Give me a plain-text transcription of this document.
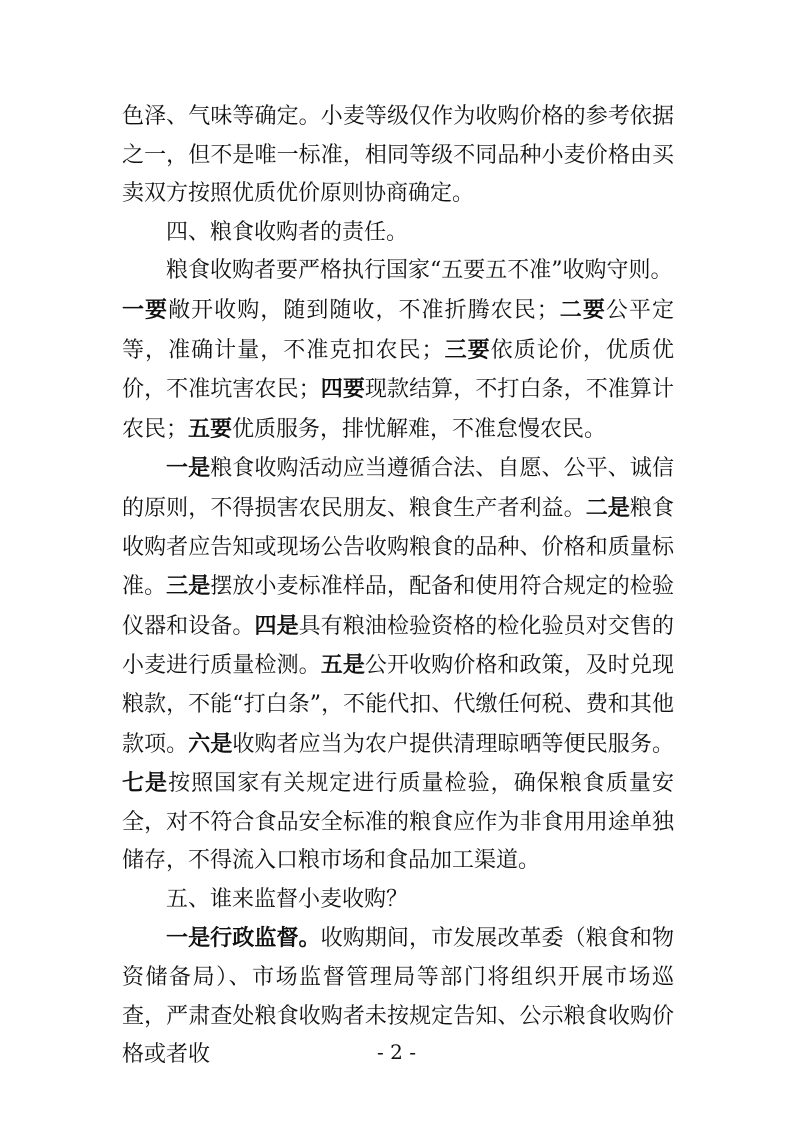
色泽、气味等确定。小麦等级仅作为收购价格的参考依据之一，但不是唯一标准，相同等级不同品种小麦价格由买卖双方按照优质优价原则协商确定。

四、粮食收购者的责任。

粮食收购者要严格执行国家“五要五不准”收购守则。

一要敞开收购，随到随收，不准折腾农民；二要公平定等，准确计量，不准克扣农民；三要依质论价，优质优价，不准坑害农民；四要现款结算，不打白条，不准算计农民；五要优质服务，排忧解难，不准怠慢农民。

一是粮食收购活动应当遵循合法、自愿、公平、诚信的原则，不得损害农民朋友、粮食生产者利益。二是粮食收购者应告知或现场公告收购粮食的品种、价格和质量标准。三是摆放小麦标准样品，配备和使用符合规定的检验仪器和设备。四是具有粮油检验资格的检化验员对交售的小麦进行质量检测。五是公开收购价格和政策，及时兑现粮款，不能“打白条”，不能代扣、代缴任何税、费和其他款项。六是收购者应当为农户提供清理晾晒等便民服务。七是按照国家有关规定进行质量检验，确保粮食质量安全，对不符合食品安全标准的粮食应作为非食用用途单独储存，不得流入口粮市场和食品加工渠道。

五、谁来监督小麦收购？

一是行政监督。收购期间，市发展改革委（粮食和物资储备局）、市场监督管理局等部门将组织开展市场巡查，严肃查处粮食收购者未按规定告知、公示粮食收购价格或者收	- 2 -
